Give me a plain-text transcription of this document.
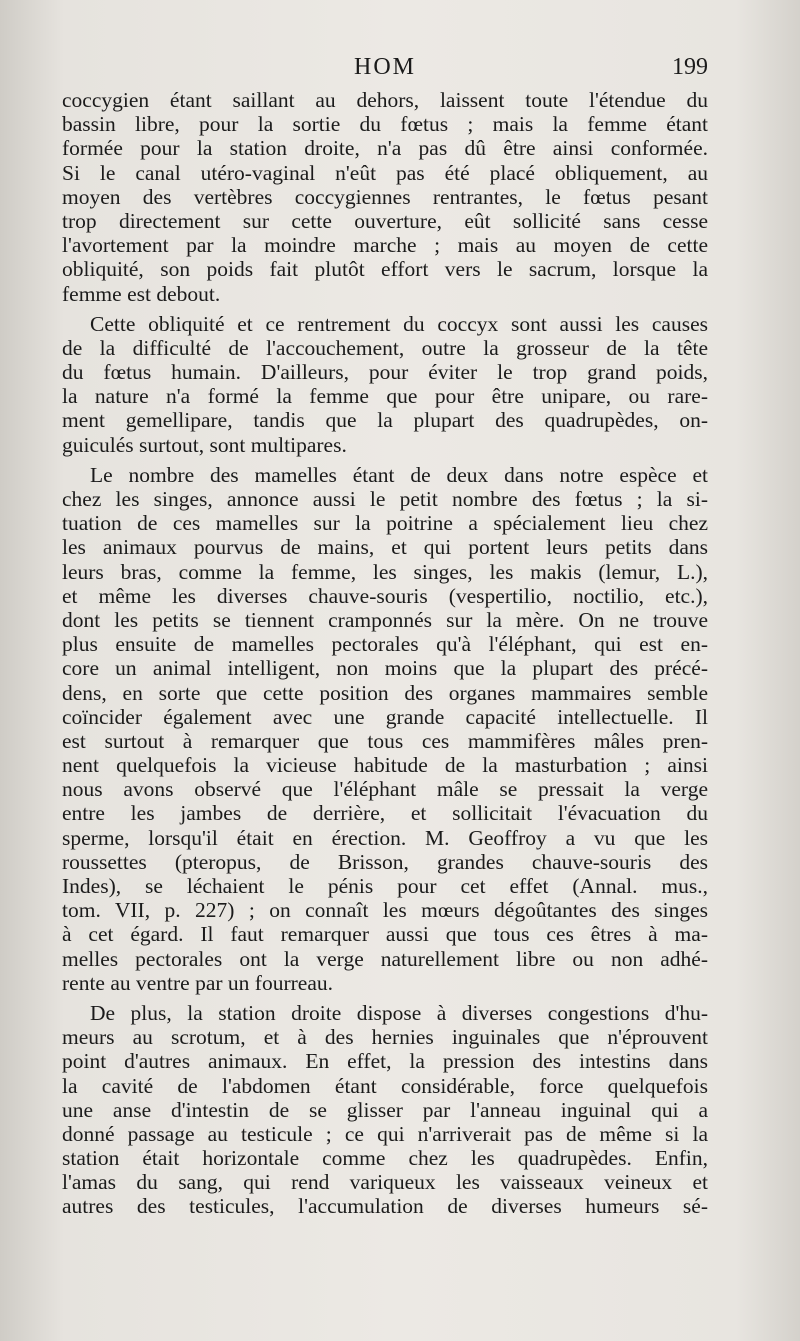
HOM	199

coccygien étant saillant au dehors, laissent toute l'étendue du
bassin libre, pour la sortie du fœtus ; mais la femme étant
formée pour la station droite, n'a pas dû être ainsi conformée.
Si le canal utéro-vaginal n'eût pas été placé obliquement, au
moyen des vertèbres coccygiennes rentrantes, le fœtus pesant
trop directement sur cette ouverture, eût sollicité sans cesse
l'avortement par la moindre marche ; mais au moyen de cette
obliquité, son poids fait plutôt effort vers le sacrum, lorsque la
femme est debout.

Cette obliquité et ce rentrement du coccyx sont aussi les causes
de la difficulté de l'accouchement, outre la grosseur de la tête
du fœtus humain. D'ailleurs, pour éviter le trop grand poids,
la nature n'a formé la femme que pour être unipare, ou rare-
ment gemellipare, tandis que la plupart des quadrupèdes, on-
guiculés surtout, sont multipares.

Le nombre des mamelles étant de deux dans notre espèce et
chez les singes, annonce aussi le petit nombre des fœtus ; la si-
tuation de ces mamelles sur la poitrine a spécialement lieu chez
les animaux pourvus de mains, et qui portent leurs petits dans
leurs bras, comme la femme, les singes, les makis (lemur, L.),
et même les diverses chauve-souris (vespertilio, noctilio, etc.),
dont les petits se tiennent cramponnés sur la mère. On ne trouve
plus ensuite de mamelles pectorales qu'à l'éléphant, qui est en-
core un animal intelligent, non moins que la plupart des précé-
dens, en sorte que cette position des organes mammaires semble
coïncider également avec une grande capacité intellectuelle. Il
est surtout à remarquer que tous ces mammifères mâles pren-
nent quelquefois la vicieuse habitude de la masturbation ; ainsi
nous avons observé que l'éléphant mâle se pressait la verge
entre les jambes de derrière, et sollicitait l'évacuation du
sperme, lorsqu'il était en érection. M. Geoffroy a vu que les
roussettes (pteropus, de Brisson, grandes chauve-souris des
Indes), se léchaient le pénis pour cet effet (Annal. mus.,
tom. VII, p. 227) ; on connaît les mœurs dégoûtantes des singes
à cet égard. Il faut remarquer aussi que tous ces êtres à ma-
melles pectorales ont la verge naturellement libre ou non adhé-
rente au ventre par un fourreau.

De plus, la station droite dispose à diverses congestions d'hu-
meurs au scrotum, et à des hernies inguinales que n'éprouvent
point d'autres animaux. En effet, la pression des intestins dans
la cavité de l'abdomen étant considérable, force quelquefois
une anse d'intestin de se glisser par l'anneau inguinal qui a
donné passage au testicule ; ce qui n'arriverait pas de même si la
station était horizontale comme chez les quadrupèdes. Enfin,
l'amas du sang, qui rend variqueux les vaisseaux veineux et
autres des testicules, l'accumulation de diverses humeurs sé-
